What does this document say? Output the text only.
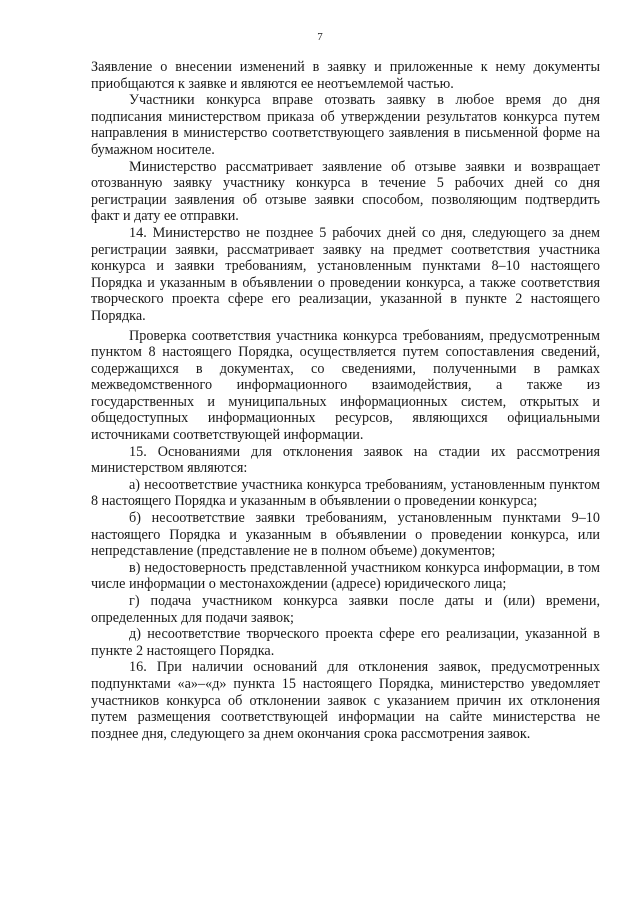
7

Заявление о внесении изменений в заявку и приложенные к нему документы приобщаются к заявке и являются ее неотъемлемой частью.

Участники конкурса вправе отозвать заявку в любое время до дня подписания министерством приказа об утверждении результатов конкурса путем направления в министерство соответствующего заявления в письменной форме на бумажном носителе.

Министерство рассматривает заявление об отзыве заявки и возвращает отозванную заявку участнику конкурса в течение 5 рабочих дней со дня регистрации заявления об отзыве заявки способом, позволяющим подтвердить факт и дату ее отправки.

14. Министерство не позднее 5 рабочих дней со дня, следующего за днем регистрации заявки, рассматривает заявку на предмет соответствия участника конкурса и заявки требованиям, установленным пунктами 8–10 настоящего Порядка и указанным в объявлении о проведении конкурса, а также соответствия творческого проекта сфере его реализации, указанной в пункте 2 настоящего Порядка.

Проверка соответствия участника конкурса требованиям, предусмотренным пунктом 8 настоящего Порядка, осуществляется путем сопоставления сведений, содержащихся в документах, со сведениями, полученными в рамках межведомственного информационного взаимодействия, а также из государственных и муниципальных информационных систем, открытых и общедоступных информационных ресурсов, являющихся официальными источниками соответствующей информации.

15. Основаниями для отклонения заявок на стадии их рассмотрения министерством являются:

а) несоответствие участника конкурса требованиям, установленным пунктом 8 настоящего Порядка и указанным в объявлении о проведении конкурса;

б) несоответствие заявки требованиям, установленным пунктами 9–10 настоящего Порядка и указанным в объявлении о проведении конкурса, или непредставление (представление не в полном объеме) документов;

в) недостоверность представленной участником конкурса информации, в том числе информации о местонахождении (адресе) юридического лица;

г) подача участником конкурса заявки после даты и (или) времени, определенных для подачи заявок;

д) несоответствие творческого проекта сфере его реализации, указанной в пункте 2 настоящего Порядка.

16. При наличии оснований для отклонения заявок, предусмотренных подпунктами «а»–«д» пункта 15 настоящего Порядка, министерство уведомляет участников конкурса об отклонении заявок с указанием причин их отклонения путем размещения соответствующей информации на сайте министерства не позднее дня, следующего за днем окончания срока рассмотрения заявок.
